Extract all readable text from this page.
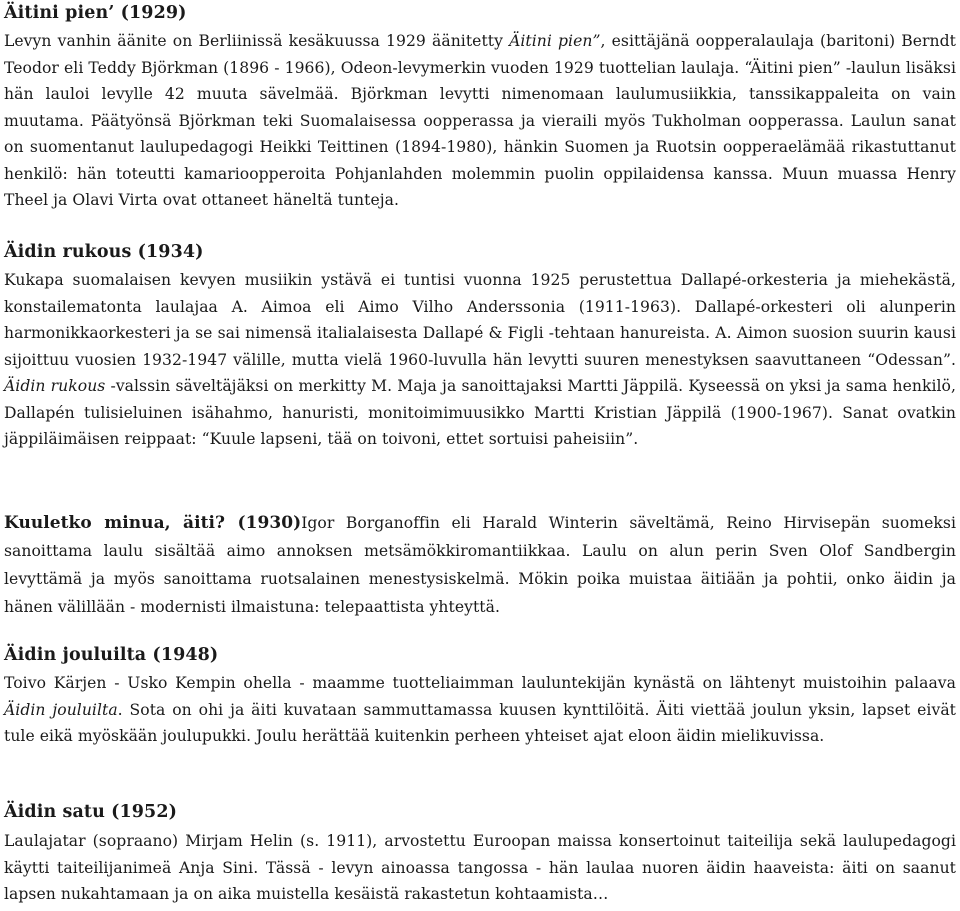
Äitini pien’ (1929)

Levyn vanhin äänite on Berliinissä kesäkuussa 1929 äänitetty Äitini pien”, esittäjänä oopperalaulaja (baritoni) Berndt Teodor eli Teddy Björkman (1896 - 1966), Odeon-levymerkin vuoden 1929 tuottelian laulaja. “Äitini pien” -laulun lisäksi hän lauloi levylle 42 muuta sävelmää. Björkman levytti nimenomaan laulumusiikkia, tanssikappaleita on vain muutama. Päätyönsä Björkman teki Suomalaisessa oopperassa ja vieraili myös Tukholman oopperassa. Laulun sanat on suomentanut laulupedagogi Heikki Teittinen (1894-1980), hänkin Suomen ja Ruotsin oopperaelämää rikastuttanut henkilö: hän toteutti kamarioopperoita Pohjanlahden molemmin puolin oppilaidensa kanssa. Muun muassa Henry Theel ja Olavi Virta ovat ottaneet häneltä tunteja.

Äidin rukous (1934)

Kukapa suomalaisen kevyen musiikin ystävä ei tuntisi vuonna 1925 perustettua Dallapé-orkesteria ja miehekästä, konstailematonta laulajaa A. Aimoa eli Aimo Vilho Anderssonia (1911-1963). Dallapé-orkesteri oli alunperin harmonikkaorkesteri ja se sai nimensä italialaisesta Dallapé & Figli -tehtaan hanureista. A. Aimon suosion suurin kausi sijoittuu vuosien 1932-1947 välille, mutta vielä 1960-luvulla hän levytti suuren menestyksen saavuttaneen “Odessan”. Äidin rukous -valssin säveltäjäksi on merkitty M. Maja ja sanoittajaksi Martti Jäppilä. Kyseessä on yksi ja sama henkilö, Dallapén tulisieluinen isähahmo, hanuristi, monitoimimuusikko Martti Kristian Jäppilä (1900-1967). Sanat ovatkin jäppiläimäisen reippaat: “Kuule lapseni, tää on toivoni, ettet sortuisi paheisiin”.

Kuuletko minua, äiti? (1930)Igor Borganoffin eli Harald Winterin säveltämä, Reino Hirvisepän suomeksi sanoittama laulu sisältää aimo annoksen metsämökkiromantiikkaa. Laulu on alun perin Sven Olof Sandbergin levyttämä ja myös sanoittama ruotsalainen menestysiskelmä. Mökin poika muistaa äitiään ja pohtii, onko äidin ja hänen välillään - modernisti ilmaistuna: telepaattista yhteyttä.

Äidin jouluilta (1948)

Toivo Kärjen - Usko Kempin ohella - maamme tuotteliaimman lauluntekijän kynästä on lähtenyt muistoihin palaava Äidin jouluilta. Sota on ohi ja äiti kuvataan sammuttamassa kuusen kynttilöitä. Äiti viettää joulun yksin, lapset eivät tule eikä myöskään joulupukki. Joulu herättää kuitenkin perheen yhteiset ajat eloon äidin mielikuvissa.

Äidin satu (1952)

Laulajatar (sopraano) Mirjam Helin (s. 1911), arvostettu Euroopan maissa konsertoinut taiteilija sekä laulupedagogi käytti taiteilijanimeä Anja Sini. Tässä - levyn ainoassa tangossa - hän laulaa nuoren äidin haaveista: äiti on saanut lapsen nukahtamaan ja on aika muistella kesäistä rakastetun kohtaamista…
